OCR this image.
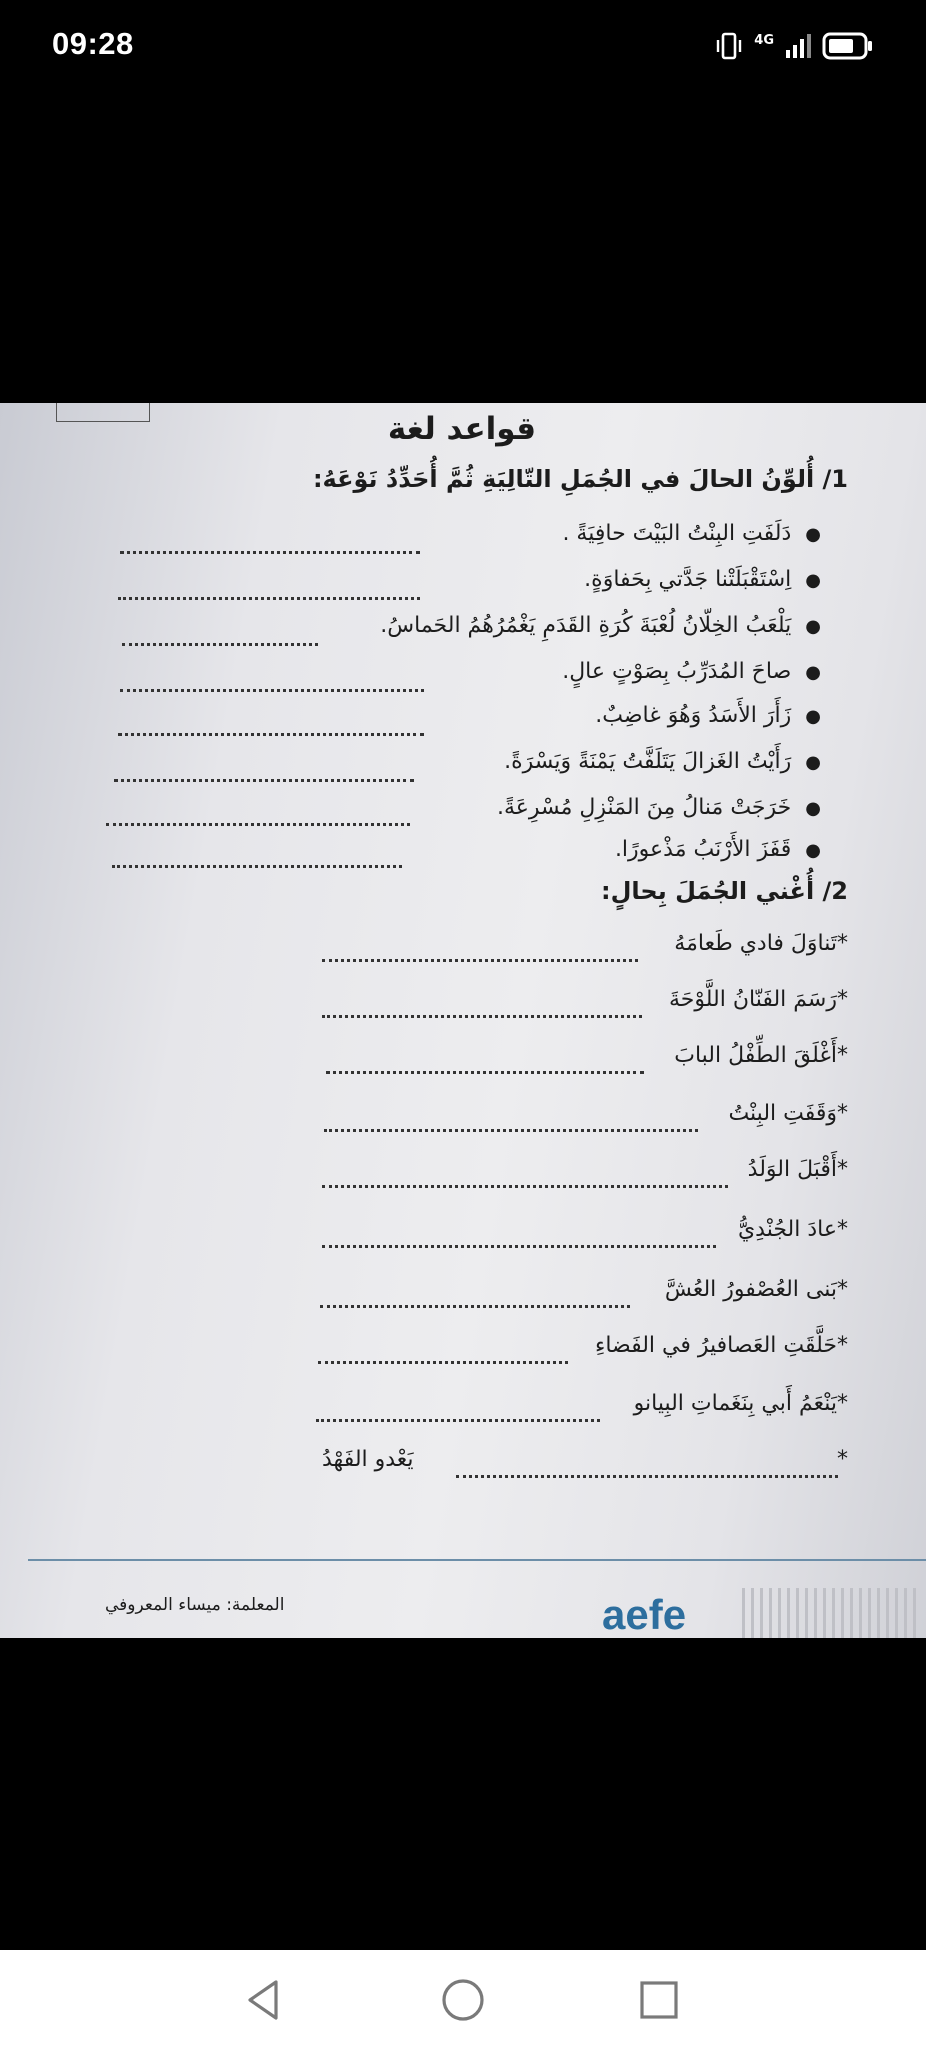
09:28	4G
قواعد لغة
1/ أُلوِّنُ الحالَ في الجُمَلِ التّالِيَةِ ثُمَّ أُحَدِّدُ نَوْعَهُ:
●دَلَفَتِ البِنْتُ البَيْتَ حافِيَةً .
●اِسْتَقْبَلَتْنا جَدَّتي بِحَفاوَةٍ.
●يَلْعَبُ الخِلّانُ لُعْبَةَ كُرَةِ القَدَمِ يَغْمُرُهُمُ الحَماسُ.
●صاحَ المُدَرِّبُ بِصَوْتٍ عالٍ.
●زَأَرَ الأَسَدُ وَهُوَ غاضِبٌ.
●رَأَيْتُ الغَزالَ يَتَلَفَّتُ يَمْنَةً وَيَسْرَةً.
●خَرَجَتْ مَنالُ مِنَ المَنْزِلِ مُسْرِعَةً.
●قَفَزَ الأَرْنَبُ مَذْعورًا.
2/ أُغْني الجُمَلَ بِحالٍ:
*تَناوَلَ فادي طَعامَهُ
*رَسَمَ الفَنّانُ اللَّوْحَةَ
*أَغْلَقَ الطِّفْلُ البابَ
*وَقَفَتِ البِنْتُ
*أَقْبَلَ الوَلَدُ
*عادَ الجُنْدِيُّ
*بَنى العُصْفورُ العُشَّ
*حَلَّقَتِ العَصافيرُ في الفَضاءِ
*يَنْعَمُ أَبي بِنَغَماتِ البِيانو
*
يَعْدو الفَهْدُ
المعلمة: ميساء المعروفي	aefe
